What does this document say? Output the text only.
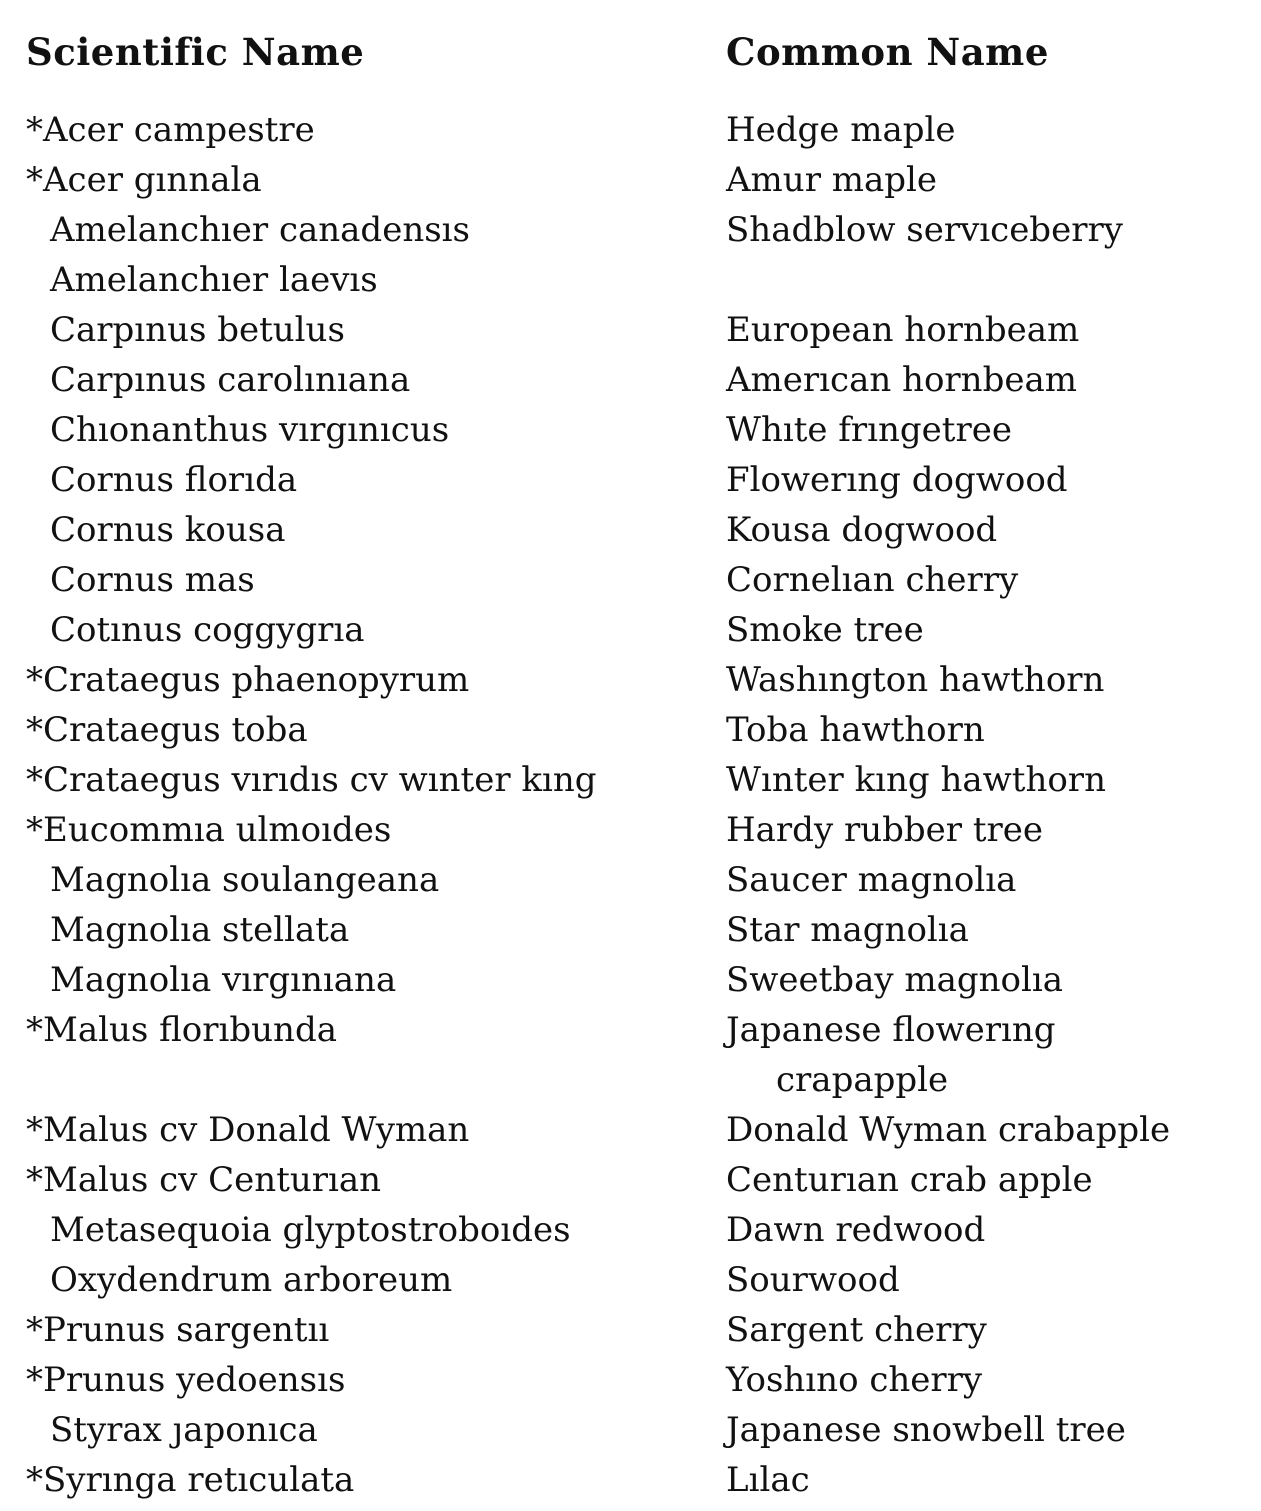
Scientific Name	Common Name
*Acer campestre	Hedge maple
*Acer gınnala	Amur maple
Amelanchıer canadensıs	Shadblow servıceberry
Amelanchıer laevıs
Carpınus betulus	European hornbeam
Carpınus carolınıana	Amerıcan hornbeam
Chıonanthus vırgınıcus	Whıte frıngetree
Cornus florıda	Flowerıng dogwood
Cornus kousa	Kousa dogwood
Cornus mas	Cornelıan cherry
Cotınus coggygrıa	Smoke tree
*Crataegus phaenopyrum	Washıngton hawthorn
*Crataegus toba	Toba hawthorn
*Crataegus vırıdıs cv wınter kıng	Wınter kıng hawthorn
*Eucommıa ulmoıdes	Hardy rubber tree
Magnolıa soulangeana	Saucer magnolıa
Magnolıa stellata	Star magnolıa
Magnolıa vırgınıana	Sweetbay magnolıa
*Malus florıbunda	Japanese flowerıng
crapapple
*Malus cv Donald Wyman	Donald Wyman crabapple
*Malus cv Centurıan	Centurıan crab apple
Metasequoia glyptostroboıdes	Dawn redwood
Oxydendrum arboreum	Sourwood
*Prunus sargentıı	Sargent cherry
*Prunus yedoensıs	Yoshıno cherry
Styrax ȷaponıca	Japanese snowbell tree
*Syrınga retıculata	Lılac
